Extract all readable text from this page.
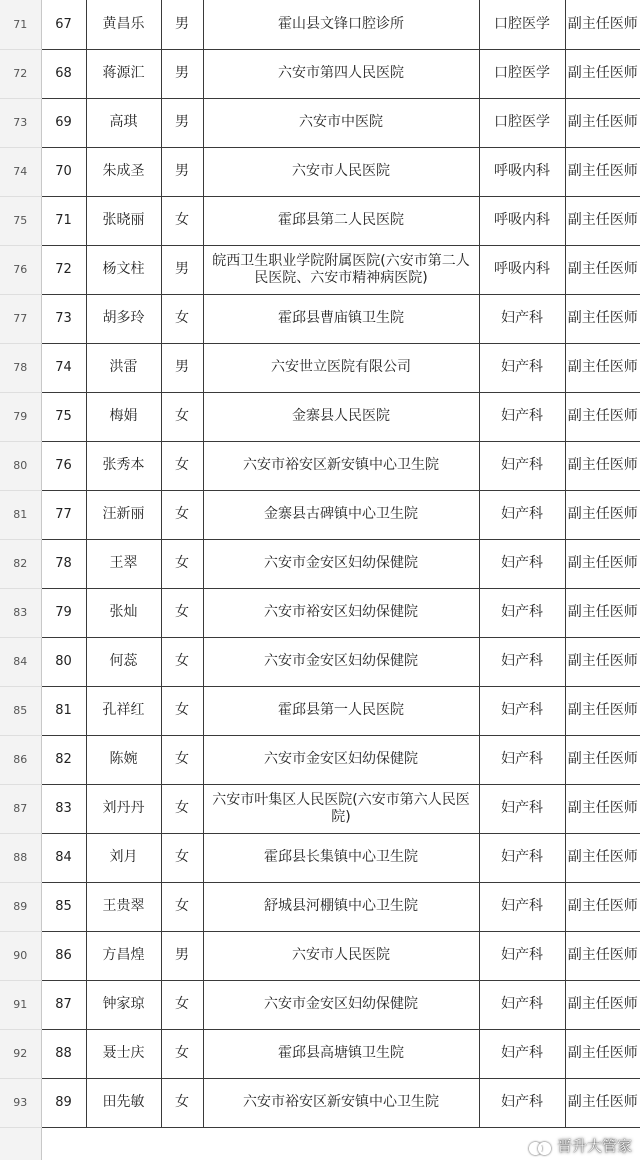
71	67	黄昌乐	男	霍山县文锋口腔诊所	口腔医学	副主任医师

72	68	蒋源汇	男	六安市第四人民医院	口腔医学	副主任医师

73	69	高琪	男	六安市中医院	口腔医学	副主任医师

74	70	朱成圣	男	六安市人民医院	呼吸内科	副主任医师

75	71	张晓丽	女	霍邱县第二人民医院	呼吸内科	副主任医师

76	72	杨文柱	男	皖西卫生职业学院附属医院(六安市第二人民医院、六安市精神病医院)	呼吸内科	副主任医师

77	73	胡多玲	女	霍邱县曹庙镇卫生院	妇产科	副主任医师

78	74	洪雷	男	六安世立医院有限公司	妇产科	副主任医师

79	75	梅娟	女	金寨县人民医院	妇产科	副主任医师

80	76	张秀本	女	六安市裕安区新安镇中心卫生院	妇产科	副主任医师

81	77	汪新丽	女	金寨县古碑镇中心卫生院	妇产科	副主任医师

82	78	王翠	女	六安市金安区妇幼保健院	妇产科	副主任医师

83	79	张灿	女	六安市裕安区妇幼保健院	妇产科	副主任医师

84	80	何蕊	女	六安市金安区妇幼保健院	妇产科	副主任医师

85	81	孔祥红	女	霍邱县第一人民医院	妇产科	副主任医师

86	82	陈婉	女	六安市金安区妇幼保健院	妇产科	副主任医师

87	83	刘丹丹	女	六安市叶集区人民医院(六安市第六人民医院)	妇产科	副主任医师

88	84	刘月	女	霍邱县长集镇中心卫生院	妇产科	副主任医师

89	85	王贵翠	女	舒城县河棚镇中心卫生院	妇产科	副主任医师

90	86	方昌煌	男	六安市人民医院	妇产科	副主任医师

91	87	钟家琼	女	六安市金安区妇幼保健院	妇产科	副主任医师

92	88	聂士庆	女	霍邱县高塘镇卫生院	妇产科	副主任医师

93	89	田先敏	女	六安市裕安区新安镇中心卫生院	妇产科	副主任医师
晋升大管家
